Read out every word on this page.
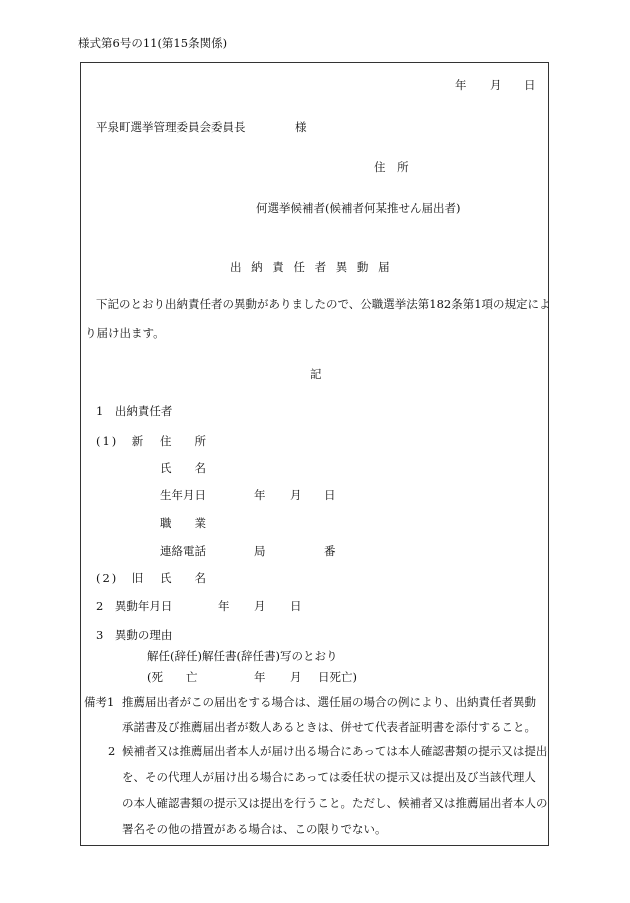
様式第6号の11(第15条関係)
年 月 日
平泉町選挙管理委員会委員長	様
住 所
何選挙候補者(候補者何某推せん届出者)
出 納 責 任 者 異 動 届
下記のとおり出納責任者の異動がありましたので、公職選挙法第182条第1項の規定によ
り届け出ます。
記
1　出納責任者
(1)　新 住　　所
氏　　名
生年月日	年 月 日
職　　業
連絡電話	局	番
(2)　旧 氏　　名
2　異動年月日	年 月 日
3　異動の理由
解任(辞任)解任書(辞任書)写のとおり
(死　　亡	年 月 日死亡)
備考1 推薦届出者がこの届出をする場合は、選任届の場合の例により、出納責任者異動
承諾書及び推薦届出者が数人あるときは、併せて代表者証明書を添付すること。
2 候補者又は推薦届出者本人が届け出る場合にあっては本人確認書類の提示又は提出
を、その代理人が届け出る場合にあっては委任状の提示又は提出及び当該代理人
の本人確認書類の提示又は提出を行うこと。ただし、候補者又は推薦届出者本人の
署名その他の措置がある場合は、この限りでない。
